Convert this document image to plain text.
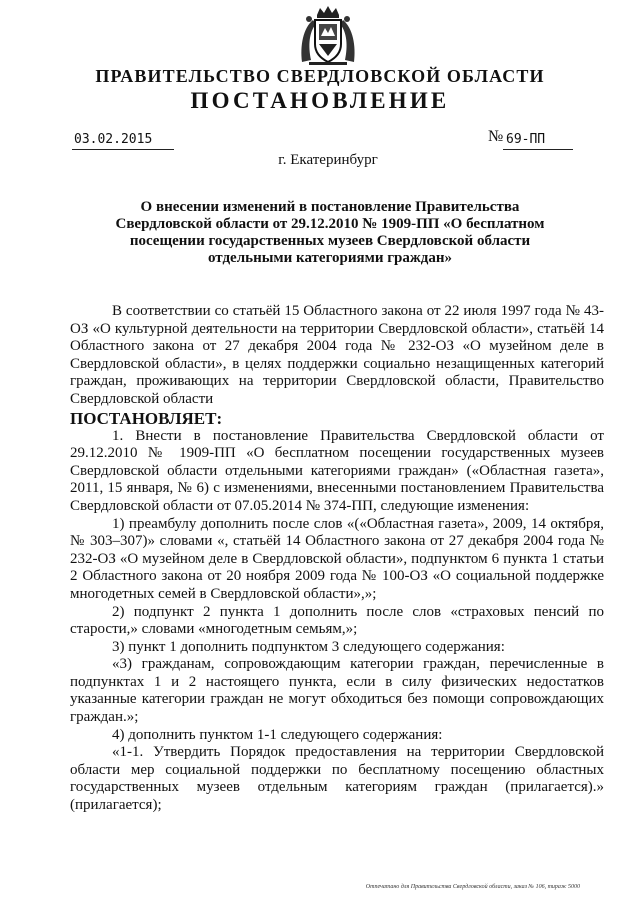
ПРАВИТЕЛЬСТВО СВЕРДЛОВСКОЙ ОБЛАСТИ
ПОСТАНОВЛЕНИЕ
03.02.2015	№ 69-ПП
г. Екатеринбург
О внесении изменений в постановление Правительства Свердловской области от 29.12.2010 № 1909-ПП «О бесплатном посещении государственных музеев Свердловской области отдельными категориями граждан»

В соответствии со статьёй 15 Областного закона от 22 июля 1997 года № 43-ОЗ «О культурной деятельности на территории Свердловской области», статьёй 14 Областного закона от 27 декабря 2004 года № 232-ОЗ «О музейном деле в Свердловской области», в целях поддержки социально незащищенных категорий граждан, проживающих на территории Свердловской области, Правительство Свердловской области

ПОСТАНОВЛЯЕТ:

1. Внести в постановление Правительства Свердловской области от 29.12.2010 № 1909-ПП «О бесплатном посещении государственных музеев Свердловской области отдельными категориями граждан» («Областная газета», 2011, 15 января, № 6) с изменениями, внесенными постановлением Правительства Свердловской области от 07.05.2014 № 374-ПП, следующие изменения:

1) преамбулу дополнить после слов «(«Областная газета», 2009, 14 октября, № 303–307)» словами «, статьёй 14 Областного закона от 27 декабря 2004 года № 232-ОЗ «О музейном деле в Свердловской области», подпунктом 6 пункта 1 статьи 2 Областного закона от 20 ноября 2009 года № 100-ОЗ «О социальной поддержке многодетных семей в Свердловской области»,»;

2) подпункт 2 пункта 1 дополнить после слов «страховых пенсий по старости,» словами «многодетным семьям,»;

3) пункт 1 дополнить подпунктом 3 следующего содержания:

«3) гражданам, сопровождающим категории граждан, перечисленные в подпунктах 1 и 2 настоящего пункта, если в силу физических недостатков указанные категории граждан не могут обходиться без помощи сопровождающих граждан.»;

4) дополнить пунктом 1-1 следующего содержания:

«1-1. Утвердить Порядок предоставления на территории Свердловской области мер социальной поддержки по бесплатному посещению областных государственных музеев отдельным категориям граждан (прилагается).» (прилагается);

Отпечатано для Правительства Свердловской области, заказ № 106, тираж 5000
